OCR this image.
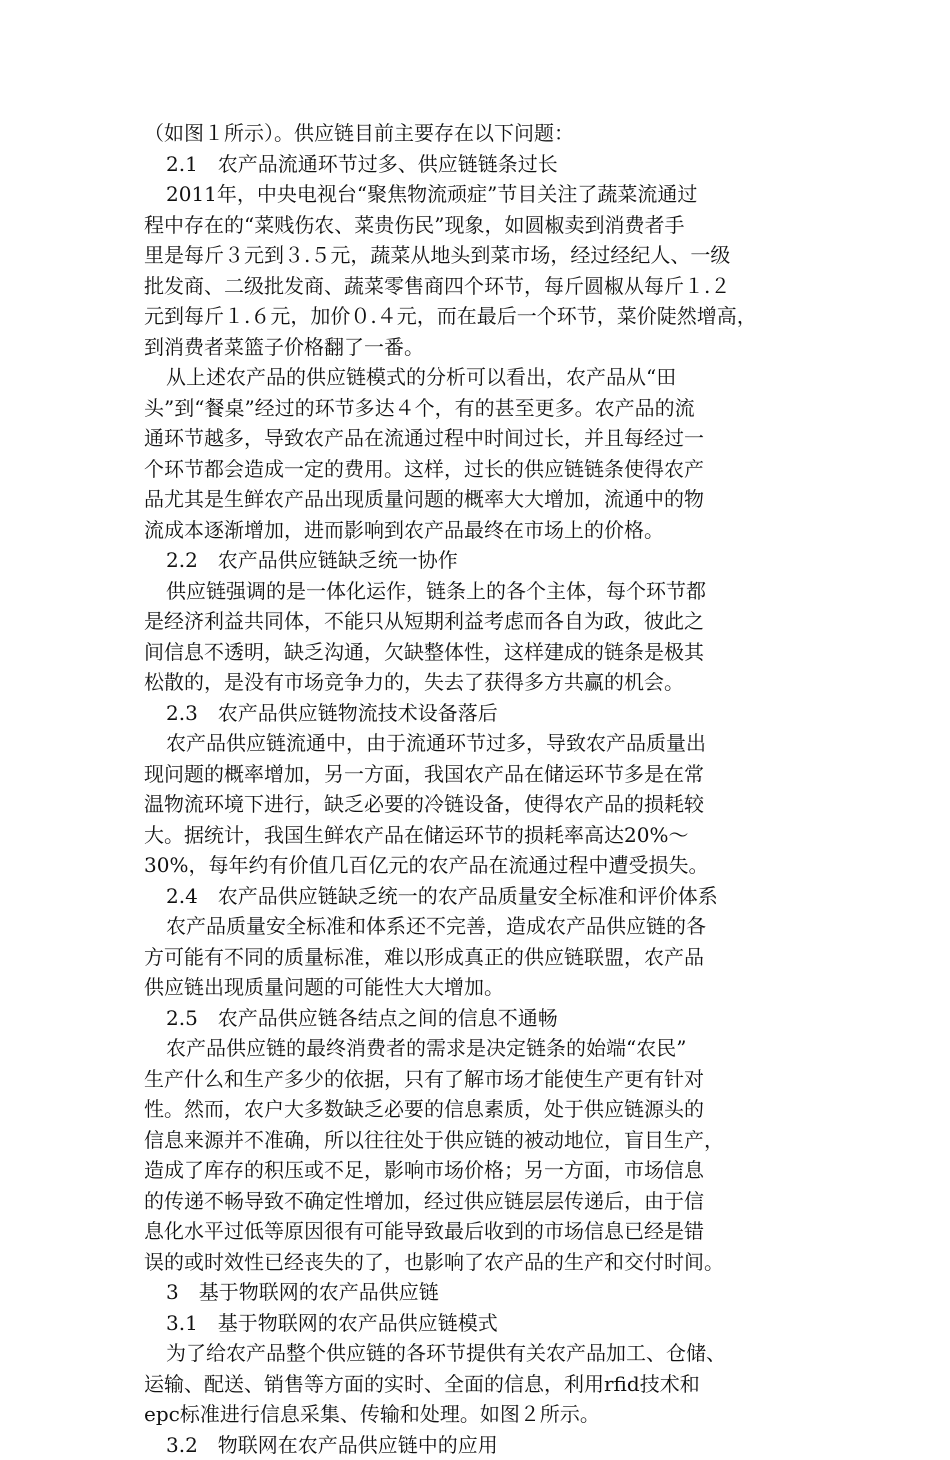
（如图１所示）。供应链目前主要存在以下问题：
2.1　农产品流通环节过多、供应链链条过长
2011年，中央电视台“聚焦物流顽症”节目关注了蔬菜流通过
程中存在的“菜贱伤农、菜贵伤民”现象，如圆椒卖到消费者手
里是每斤３元到３.５元，蔬菜从地头到菜市场，经过经纪人、一级
批发商、二级批发商、蔬菜零售商四个环节，每斤圆椒从每斤１.２
元到每斤１.６元，加价０.４元，而在最后一个环节，菜价陡然增高，
到消费者菜篮子价格翻了一番。
从上述农产品的供应链模式的分析可以看出，农产品从“田
头”到“餐桌”经过的环节多达４个，有的甚至更多。农产品的流
通环节越多，导致农产品在流通过程中时间过长，并且每经过一
个环节都会造成一定的费用。这样，过长的供应链链条使得农产
品尤其是生鲜农产品出现质量问题的概率大大增加，流通中的物
流成本逐渐增加，进而影响到农产品最终在市场上的价格。
2.2　农产品供应链缺乏统一协作
供应链强调的是一体化运作，链条上的各个主体，每个环节都
是经济利益共同体，不能只从短期利益考虑而各自为政，彼此之
间信息不透明，缺乏沟通，欠缺整体性，这样建成的链条是极其
松散的，是没有市场竞争力的，失去了获得多方共赢的机会。
2.3　农产品供应链物流技术设备落后
农产品供应链流通中，由于流通环节过多，导致农产品质量出
现问题的概率增加，另一方面，我国农产品在储运环节多是在常
温物流环境下进行，缺乏必要的冷链设备，使得农产品的损耗较
大。据统计，我国生鲜农产品在储运环节的损耗率高达20%～
30%，每年约有价值几百亿元的农产品在流通过程中遭受损失。
2.4　农产品供应链缺乏统一的农产品质量安全标准和评价体系
农产品质量安全标准和体系还不完善，造成农产品供应链的各
方可能有不同的质量标准，难以形成真正的供应链联盟，农产品
供应链出现质量问题的可能性大大增加。
2.5　农产品供应链各结点之间的信息不通畅
农产品供应链的最终消费者的需求是决定链条的始端“农民”
生产什么和生产多少的依据，只有了解市场才能使生产更有针对
性。然而，农户大多数缺乏必要的信息素质，处于供应链源头的
信息来源并不准确，所以往往处于供应链的被动地位，盲目生产，
造成了库存的积压或不足，影响市场价格；另一方面，市场信息
的传递不畅导致不确定性增加，经过供应链层层传递后，由于信
息化水平过低等原因很有可能导致最后收到的市场信息已经是错
误的或时效性已经丧失的了，也影响了农产品的生产和交付时间。
3　基于物联网的农产品供应链
3.1　基于物联网的农产品供应链模式
为了给农产品整个供应链的各环节提供有关农产品加工、仓储、
运输、配送、销售等方面的实时、全面的信息，利用rfid技术和
epc标准进行信息采集、传输和处理。如图２所示。
3.2　物联网在农产品供应链中的应用
